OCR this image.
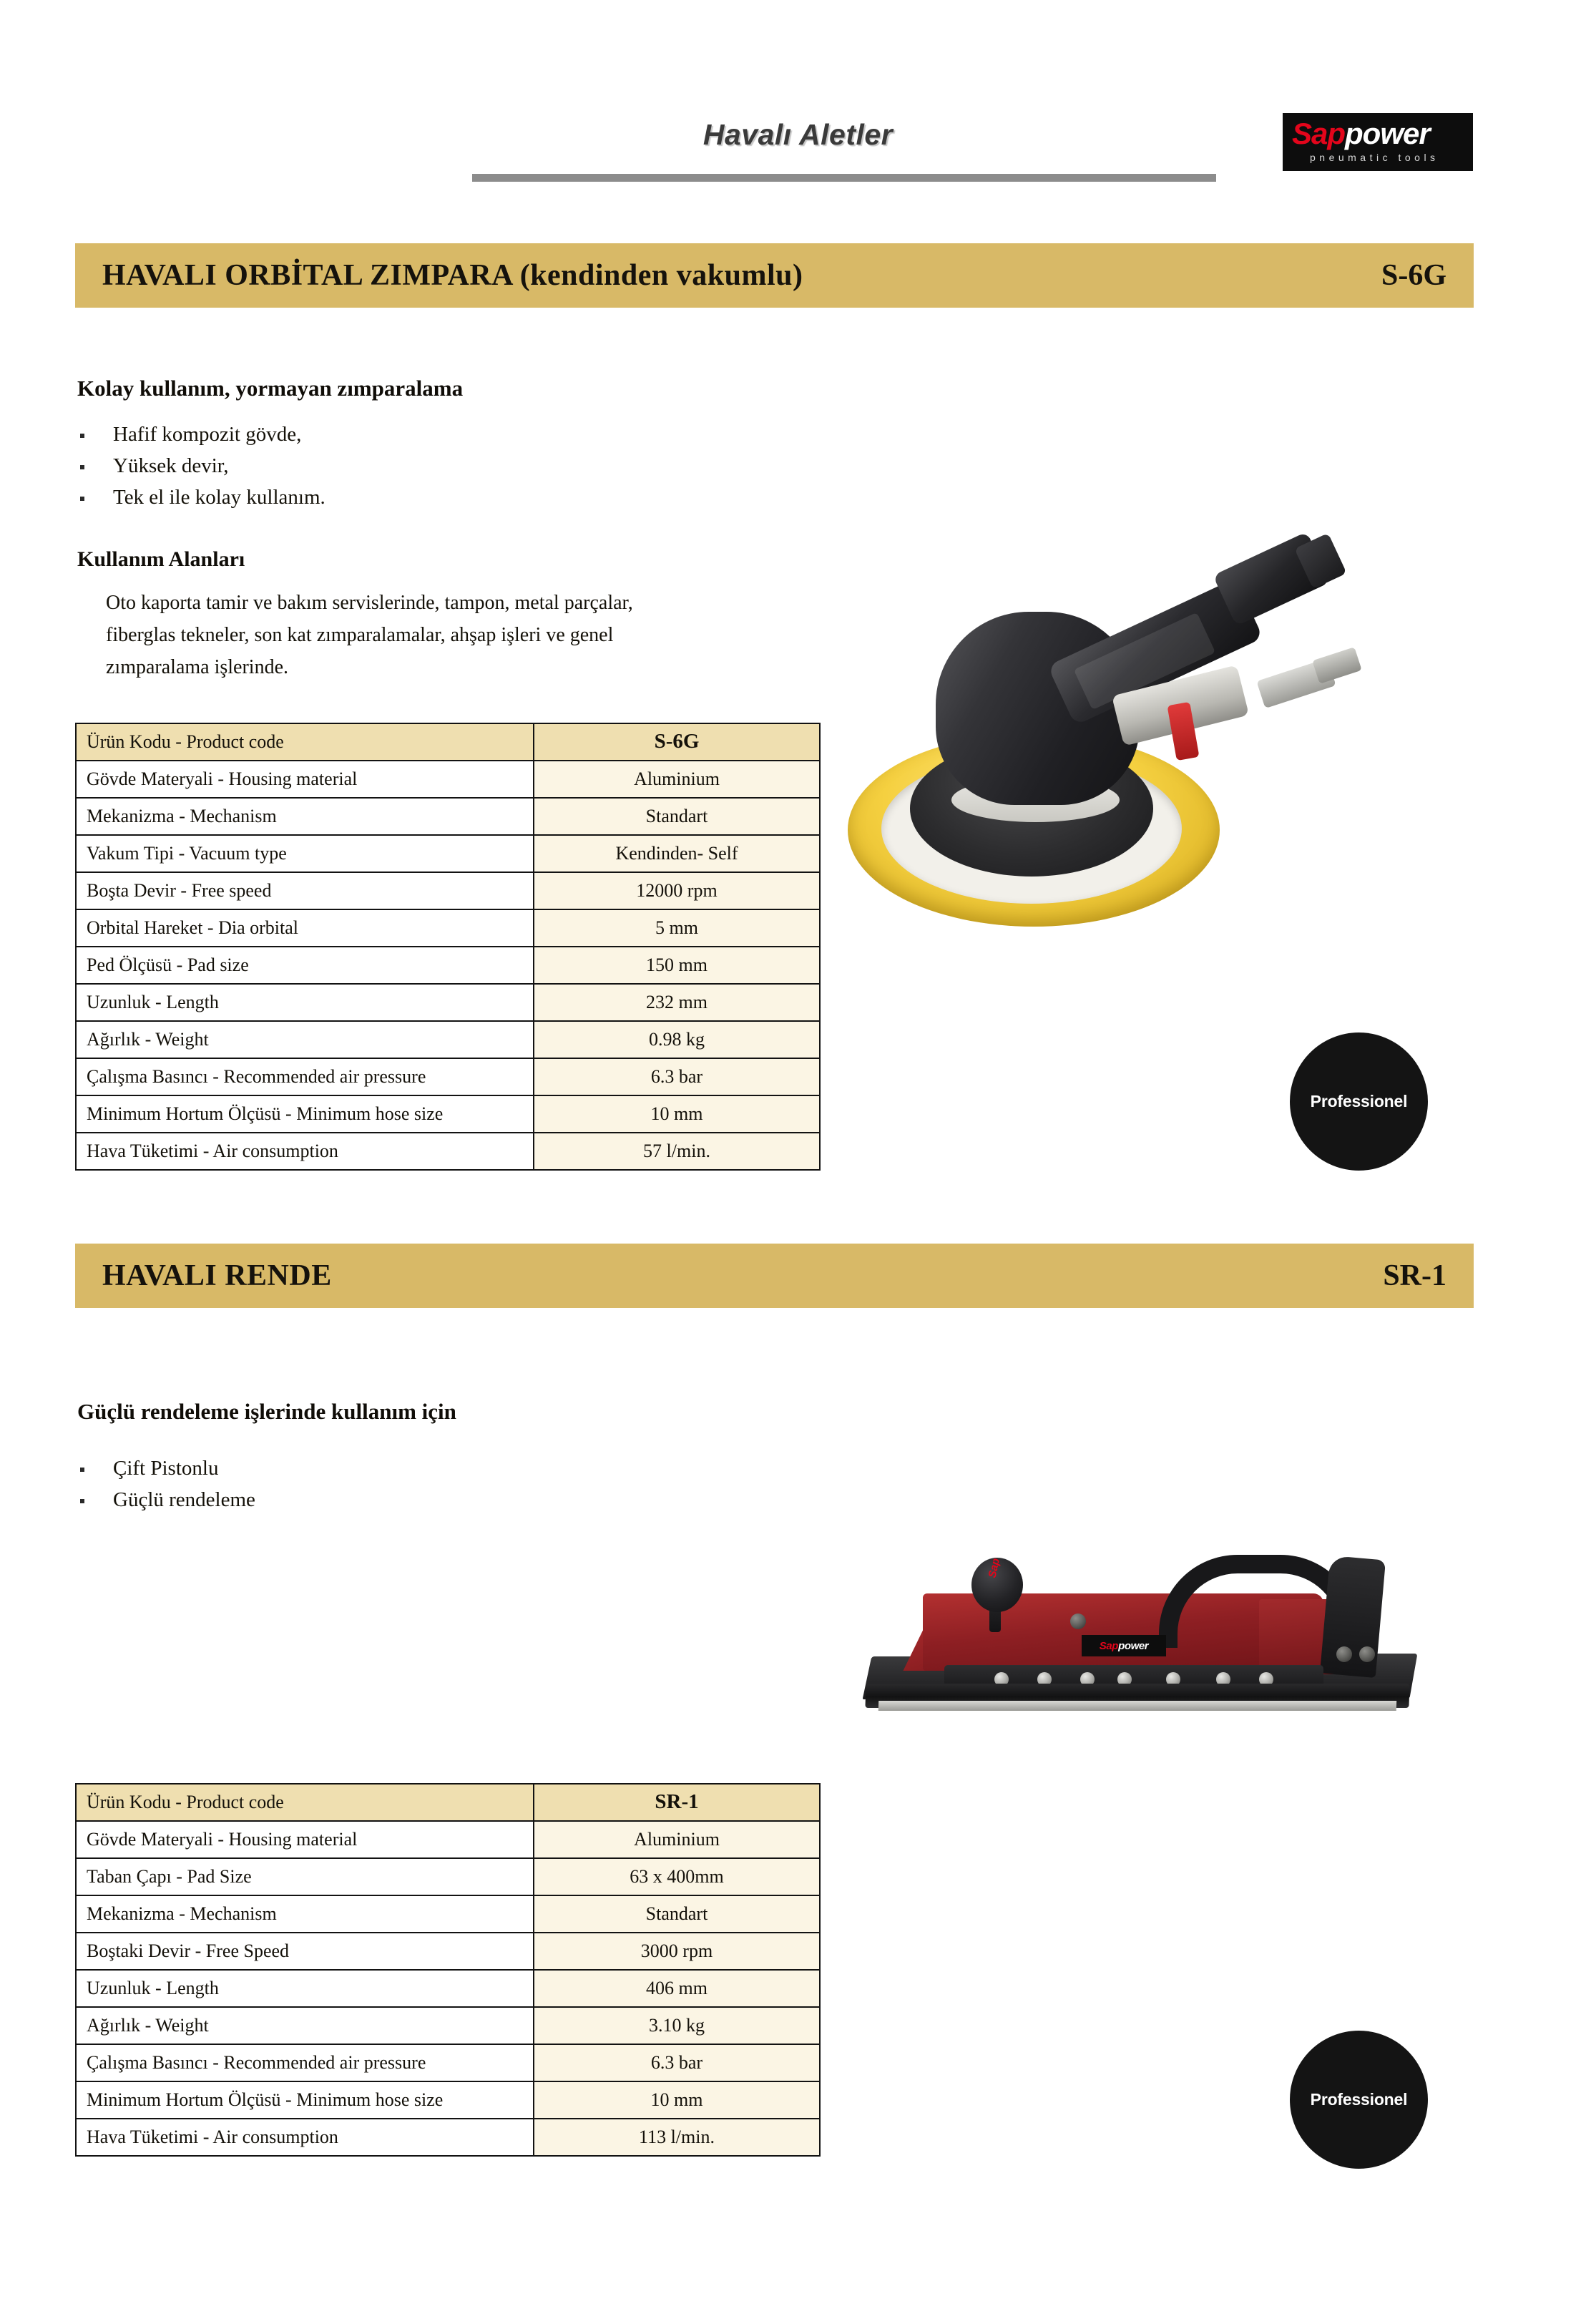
Havalı Aletler	Sappower
pneumatic tools
HAVALI ORBİTAL ZIMPARA (kendinden vakumlu)	S-6G
Kolay kullanım, yormayan zımparalama
Hafif kompozit gövde,
Yüksek devir,
Tek el ile kolay kullanım.
Kullanım Alanları
Oto kaporta tamir ve bakım servislerinde, tampon, metal parçalar, fiberglas tekneler, son kat zımparalamalar, ahşap işleri ve genel zımparalama işlerinde.
Ürün Kodu - Product code	S-6G
Gövde Materyali - Housing material	Aluminium
Mekanizma - Mechanism	Standart
Vakum Tipi - Vacuum type	Kendinden- Self
Boşta Devir - Free speed	12000 rpm
Orbital Hareket - Dia orbital	5 mm
Ped Ölçüsü - Pad size	150 mm
Uzunluk - Length	232 mm
Ağırlık - Weight	0.98 kg
Çalışma Basıncı - Recommended air pressure	6.3 bar
Minimum Hortum Ölçüsü - Minimum hose size	10 mm
Hava Tüketimi - Air consumption	57 l/min.
Professionel
HAVALI RENDE	SR-1
Güçlü rendeleme işlerinde kullanım için
Çift Pistonlu
Güçlü rendeleme
Sap
Sappower
Ürün Kodu - Product code	SR-1
Gövde Materyali - Housing material	Aluminium
Taban Çapı - Pad Size	63 x 400mm
Mekanizma - Mechanism	Standart
Boştaki Devir - Free Speed	3000 rpm
Uzunluk - Length	406 mm
Ağırlık - Weight	3.10 kg
Çalışma Basıncı - Recommended air pressure	6.3 bar
Minimum Hortum Ölçüsü - Minimum hose size	10 mm
Hava Tüketimi - Air consumption	113 l/min.
Professionel
